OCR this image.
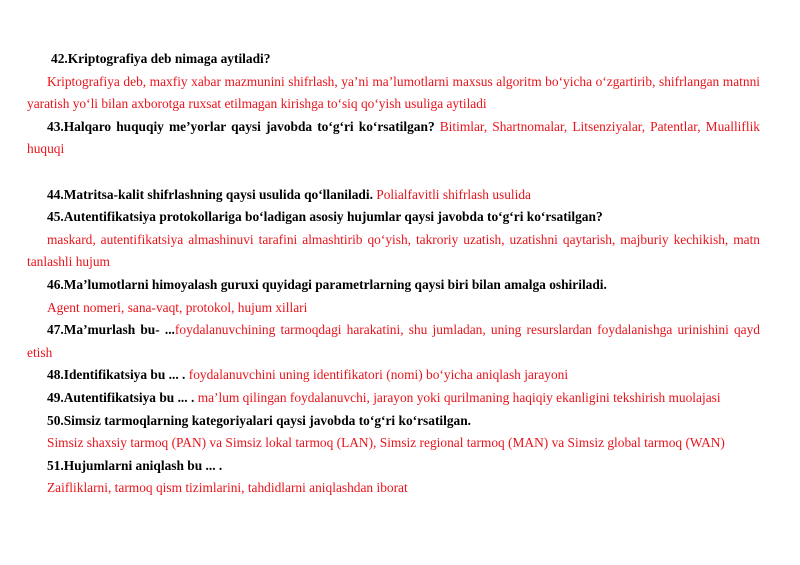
42.Kriptografiya deb nimaga aytiladi?

Kriptografiya deb, maxfiy xabar mazmunini shifrlash, ya’ni ma’lumotlarni maxsus algoritm bo‘yicha o‘zgartirib, shifrlangan matnni yaratish yo‘li bilan axborotga ruxsat etilmagan kirishga to‘siq qo‘yish usuliga aytiladi

43.Halqaro huquqiy me’yorlar qaysi javobda to‘g‘ri ko‘rsatilgan? Bitimlar, Shartnomalar, Litsenziyalar, Patentlar, Mualliflik huquqi

44.Matritsa-kalit shifrlashning qaysi usulida qo‘llaniladi. Polialfavitli shifrlash usulida

45.Autentifikatsiya protokollariga bo‘ladigan asosiy hujumlar qaysi javobda to‘g‘ri ko‘rsatilgan?

maskard, autentifikatsiya almashinuvi tarafini almashtirib qo‘yish, takroriy uzatish, uzatishni qaytarish, majburiy kechikish, matn tanlashli hujum

46.Ma’lumotlarni himoyalash guruxi quyidagi parametrlarning qaysi biri bilan amalga oshiriladi.

Agent nomeri, sana-vaqt, protokol, hujum xillari

47.Ma’murlash bu- ...foydalanuvchining tarmoqdagi harakatini, shu jumladan, uning resurslardan foydalanishga urinishini qayd etish

48.Identifikatsiya bu ... . foydalanuvchini uning identifikatori (nomi) bo‘yicha aniqlash jarayoni

49.Autentifikatsiya bu ... . ma’lum qilingan foydalanuvchi, jarayon yoki qurilmaning haqiqiy ekanligini tekshirish muolajasi

50.Simsiz tarmoqlarning kategoriyalari qaysi javobda to‘g‘ri ko‘rsatilgan.

Simsiz shaxsiy tarmoq (PAN) va Simsiz lokal tarmoq (LAN), Simsiz regional tarmoq (MAN) va Simsiz global tarmoq (WAN)

51.Hujumlarni aniqlash bu ... .

Zaifliklarni, tarmoq qism tizimlarini, tahdidlarni aniqlashdan iborat
